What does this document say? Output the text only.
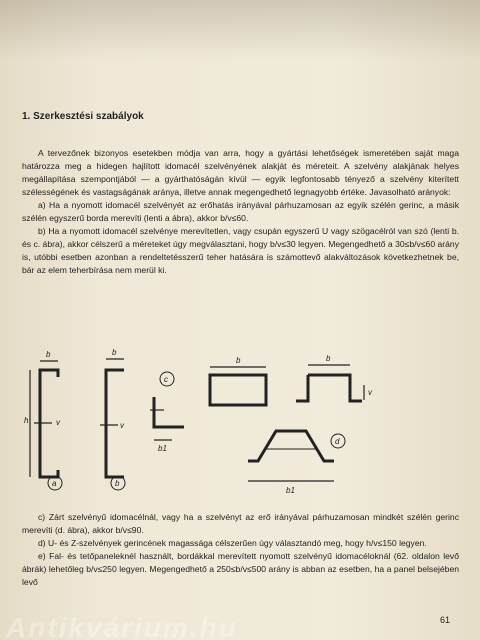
1. Szerkesztési szabályok

A tervezőnek bizonyos esetekben módja van arra, hogy a gyártási lehetőségek ismeretében saját maga határozza meg a hidegen hajlított idomacél szelvényének alakját és méreteit. A szelvény alakjának helyes megállapítása szempontjából — a gyárthatóságán kívül — egyik legfontosabb tényező a szelvény kiterített szélességének és vastagságának aránya, illetve annak megengedhető legnagyobb értéke. Javasolható arányok:

a) Ha a nyomott idomacél szelvényét az erőhatás irányával párhuzamosan az egyik szélén gerinc, a másik szélén egyszerű borda merevíti (lenti a ábra), akkor b/v≤60.

b) Ha a nyomott idomacél szelvénye merevítetlen, vagy csupán egyszerű U vagy szögacélról van szó (lenti b. és c. ábra), akkor célszerű a méreteket úgy megválasztani, hogy b/v≤30 legyen. Megengedhető a 30≤b/v≤60 arány is, utóbbi esetben azonban a rendeltetésszerű teher hatására is számottevő alakváltozások következhetnek be, bár az elem teherbírása nem merül ki.

a	b
c
d
b
h	v
b
v
b1
b	b
v
b1

c) Zárt szelvényű idomacélnál, vagy ha a szelvényt az erő irányával párhuzamosan mindkét szélén gerinc merevíti (d. ábra), akkor b/v≤90.

d) U- és Z-szelvények gerincének magassága célszerűen úgy választandó meg, hogy h/v≤150 legyen.

e) Fal- és tetőpaneleknél használt, bordákkal merevített nyomott szelvényű idomacéloknál (62. oldalon levő ábrák) lehetőleg b/v≤250 legyen. Megengedhető a 250≤b/v≤500 arány is abban az esetben, ha a panel belsejében levő

61
Antikvárium.hu
